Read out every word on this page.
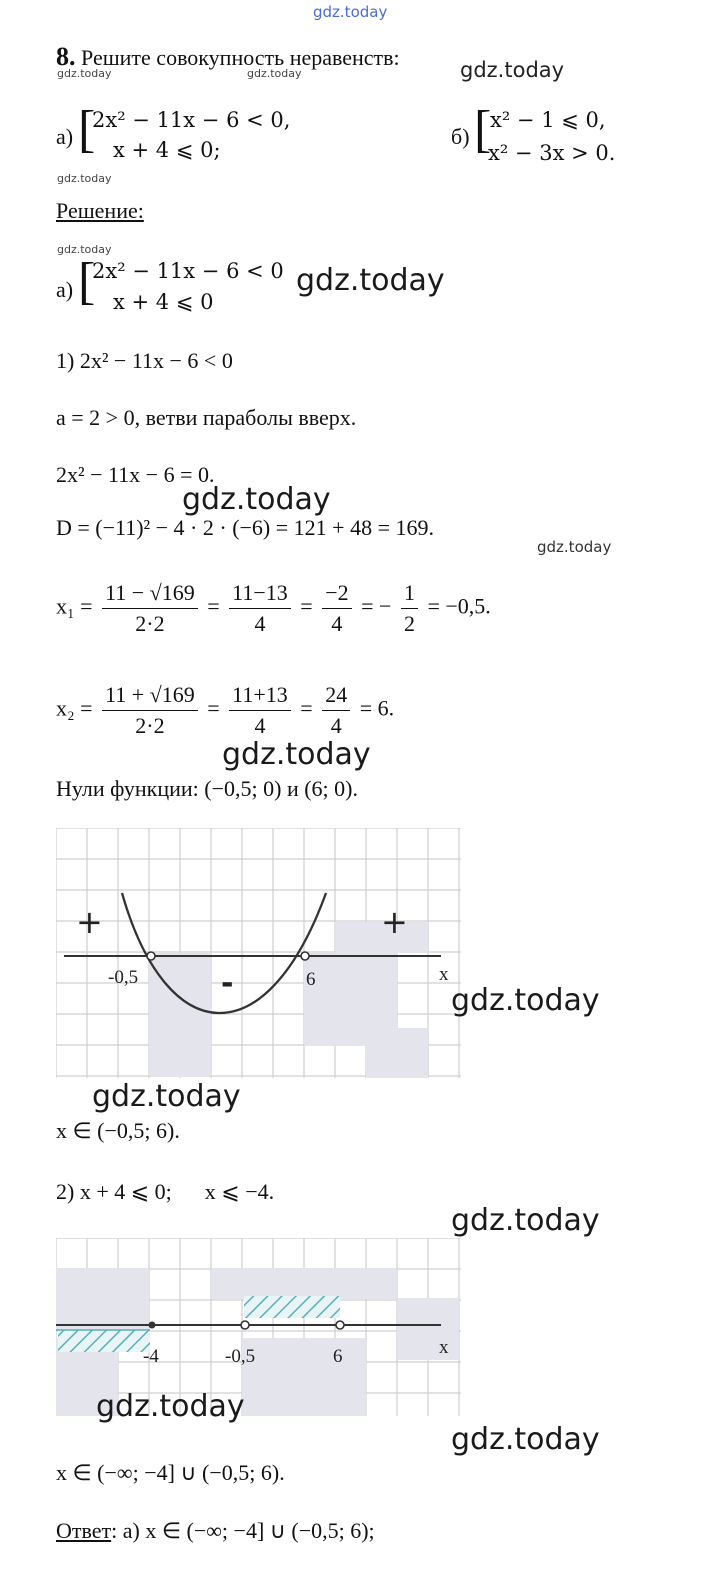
gdz.today
8. Решите совокупность неравенств:
gdz.today	gdz.today	gdz.today
а) [
2x² − 11x − 6 < 0,
x + 4 ⩽ 0;
б) [
x² − 1 ⩽ 0,
x² − 3x > 0.
gdz.today
Решение:
gdz.today
а) [
2x² − 11x − 6 < 0
x + 4 ⩽ 0
gdz.today
1) 2x² − 11x − 6 < 0
a = 2 > 0, ветви параболы вверх.
2x² − 11x − 6 = 0.
gdz.today
D = (−11)² − 4 · 2 · (−6) = 121 + 48 = 169.
gdz.today
$x_1 = \frac{11 - √169}{2\cdot 2} = \frac{11-13}{4} = \frac{-2}{4}$ = − $\frac{1}{2} = -0,5$.
$x_2 = \frac{11 + √169}{2\cdot 2} = \frac{11+13}{4} = \frac{24}{4} = 6$.
gdz.today
Нули функции: (−0,5; 0) и (6; 0).
+	+
-
-0,5	6	x
gdz.today
gdz.today
x ∈ (−0,5; 6).
2) x + 4 ⩽ 0;      x ⩽ −4.
gdz.today
-4	-0,5	6	x
gdz.today
gdz.today
x ∈ (−∞; −4] ∪ (−0,5; 6).
Ответ: а) x ∈ (−∞; −4] ∪ (−0,5; 6);
